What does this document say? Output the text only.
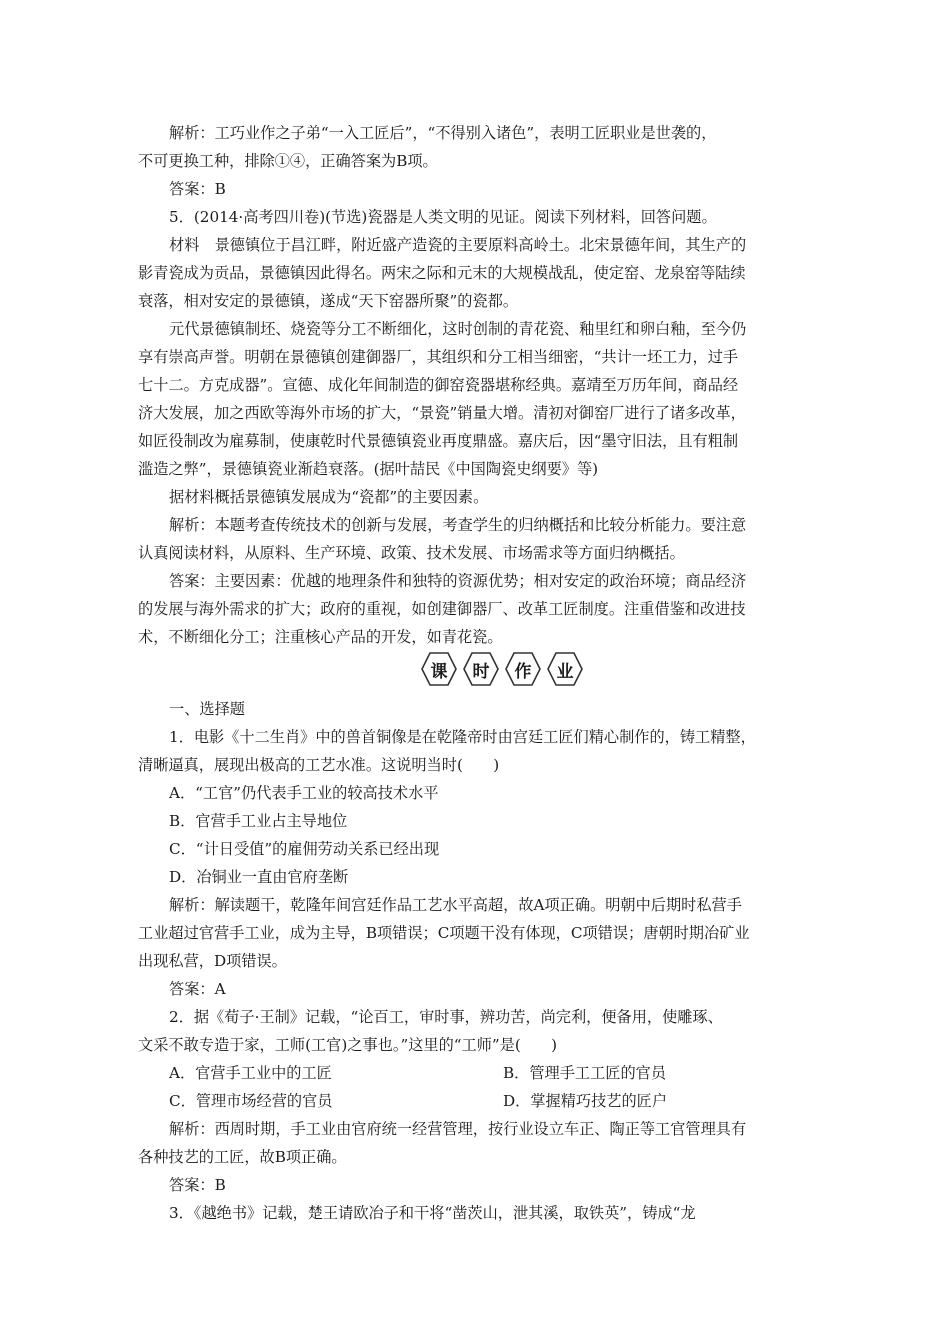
解析：工巧业作之子弟“一入工匠后”，“不得别入诸色”，表明工匠职业是世袭的，
不可更换工种，排除①④，正确答案为B项。
答案：B
5．(2014·高考四川卷)(节选)瓷器是人类文明的见证。阅读下列材料，回答问题。
材料　景德镇位于昌江畔，附近盛产造瓷的主要原料高岭土。北宋景德年间，其生产的
影青瓷成为贡品，景德镇因此得名。两宋之际和元末的大规模战乱，使定窑、龙泉窑等陆续
衰落，相对安定的景德镇，遂成“天下窑器所聚”的瓷都。
元代景德镇制坯、烧瓷等分工不断细化，这时创制的青花瓷、釉里红和卵白釉，至今仍
享有崇高声誉。明朝在景德镇创建御器厂，其组织和分工相当细密，“共计一坯工力，过手
七十二。方克成器”。宣德、成化年间制造的御窑瓷器堪称经典。嘉靖至万历年间，商品经
济大发展，加之西欧等海外市场的扩大，“景瓷”销量大增。清初对御窑厂进行了诸多改革，
如匠役制改为雇募制，使康乾时代景德镇瓷业再度鼎盛。嘉庆后，因“墨守旧法，且有粗制
滥造之弊”，景德镇瓷业渐趋衰落。(据叶喆民《中国陶瓷史纲要》等)
据材料概括景德镇发展成为“瓷都”的主要因素。
解析：本题考查传统技术的创新与发展，考查学生的归纳概括和比较分析能力。要注意
认真阅读材料，从原料、生产环境、政策、技术发展、市场需求等方面归纳概括。
答案：主要因素：优越的地理条件和独特的资源优势；相对安定的政治环境；商品经济
的发展与海外需求的扩大；政府的重视，如创建御器厂、改革工匠制度。注重借鉴和改进技
术，不断细化分工；注重核心产品的开发，如青花瓷。
课 时 作 业
一、选择题
1．电影《十二生肖》中的兽首铜像是在乾隆帝时由宫廷工匠们精心制作的，铸工精整，
清晰逼真，展现出极高的工艺水准。这说明当时(　　)
A．“工官”仍代表手工业的较高技术水平
B．官营手工业占主导地位
C．“计日受值”的雇佣劳动关系已经出现
D．冶铜业一直由官府垄断
解析：解读题干，乾隆年间宫廷作品工艺水平高超，故A项正确。明朝中后期时私营手
工业超过官营手工业，成为主导，B项错误；C项题干没有体现，C项错误；唐朝时期冶矿业
出现私营，D项错误。
答案：A
2．据《荀子·王制》记载，“论百工，审时事，辨功苦，尚完利，便备用，使雕琢、
文采不敢专造于家，工师(工官)之事也。”这里的“工师”是(　　)
A．官营手工业中的工匠	B．管理手工工匠的官员
C．管理市场经营的官员	D．掌握精巧技艺的匠户
解析：西周时期，手工业由官府统一经营管理，按行业设立车正、陶正等工官管理具有
各种技艺的工匠，故B项正确。
答案：B
3．《越绝书》记载，楚王请欧冶子和干将“凿茨山，泄其溪，取铁英”，铸成“龙
